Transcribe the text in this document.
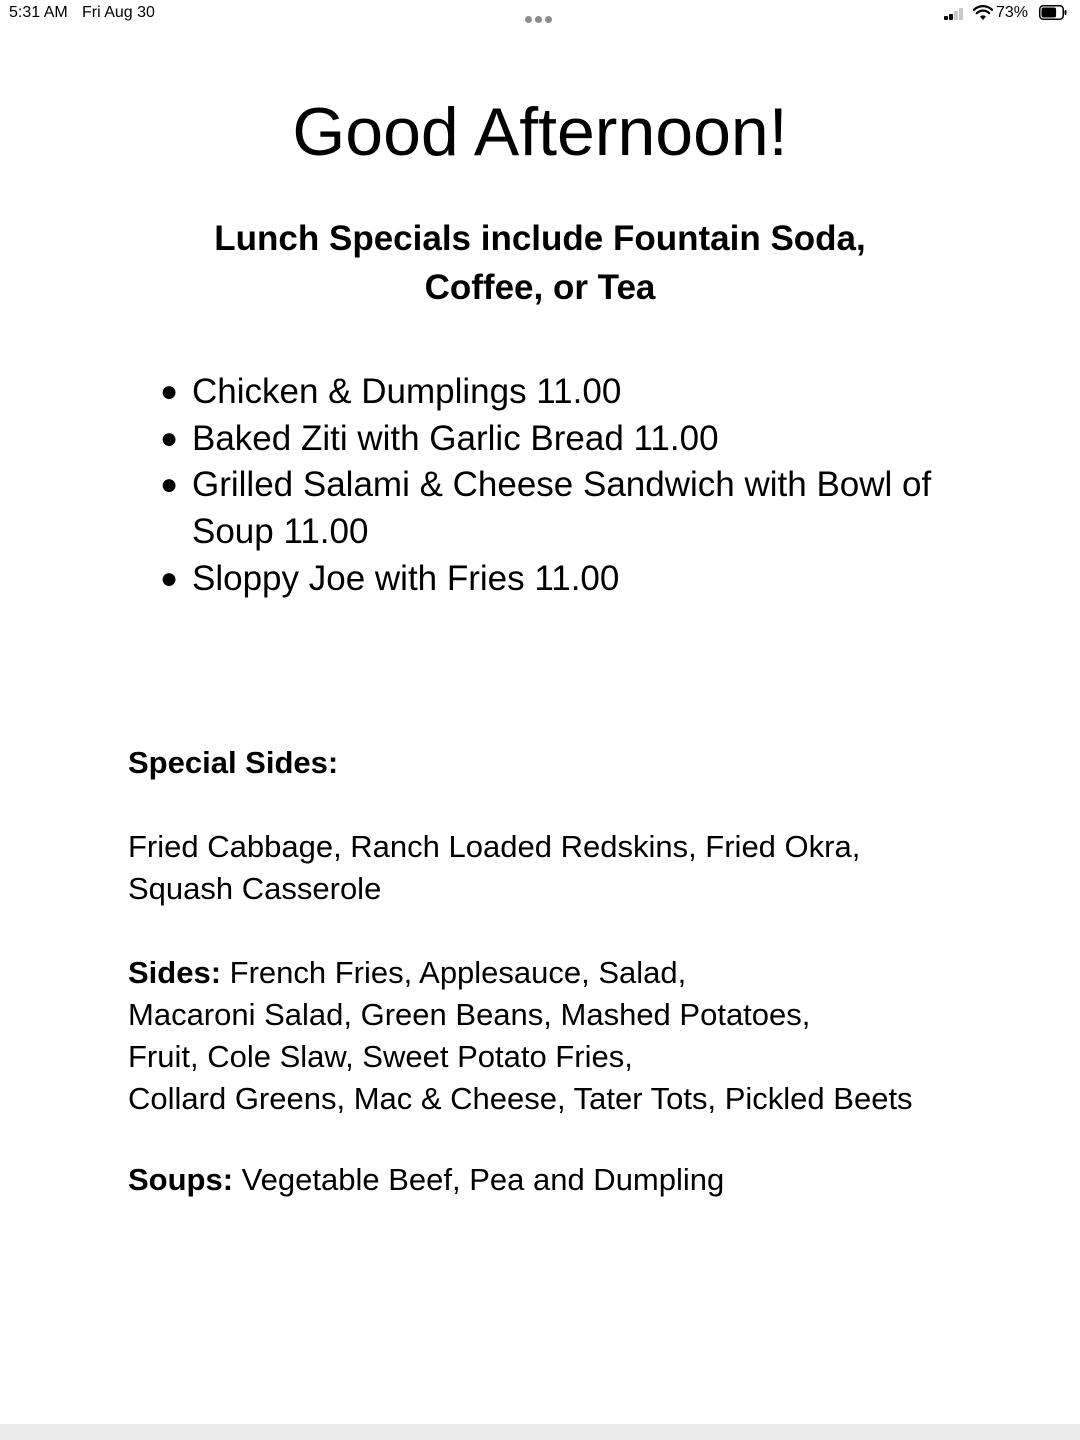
5:31 AM Fri Aug 30	73%
Good Afternoon!
Lunch Specials include Fountain Soda,
Coffee, or Tea
● Chicken & Dumplings 11.00
● Baked Ziti with Garlic Bread 11.00
● Grilled Salami & Cheese Sandwich with Bowl of Soup 11.00
● Sloppy Joe with Fries 11.00
Special Sides:
Fried Cabbage, Ranch Loaded Redskins, Fried Okra,
Squash Casserole
Sides: French Fries, Applesauce, Salad,
Macaroni Salad, Green Beans, Mashed Potatoes,
Fruit, Cole Slaw, Sweet Potato Fries,
Collard Greens, Mac & Cheese, Tater Tots, Pickled Beets
Soups: Vegetable Beef, Pea and Dumpling
